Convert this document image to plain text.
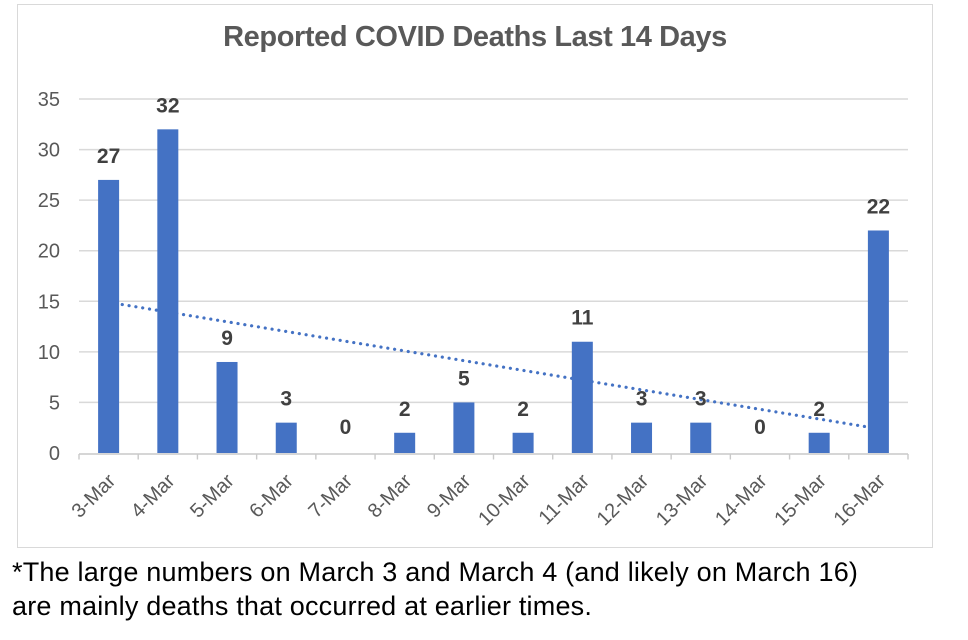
Reported COVID Deaths Last 14 Days
0
5
10
15
20
25
30
35
3-Mar 4-Mar 5-Mar 6-Mar 7-Mar 8-Mar 9-Mar
10-Mar 11-Mar
12-Mar
13-Mar
14-Mar
15-Mar
16-Mar
27
32
9
3
0
2
5
2
11
3 3
0
2
22
*The large numbers on March 3 and March 4 (and likely on March 16)
are mainly deaths that occurred at earlier times.
